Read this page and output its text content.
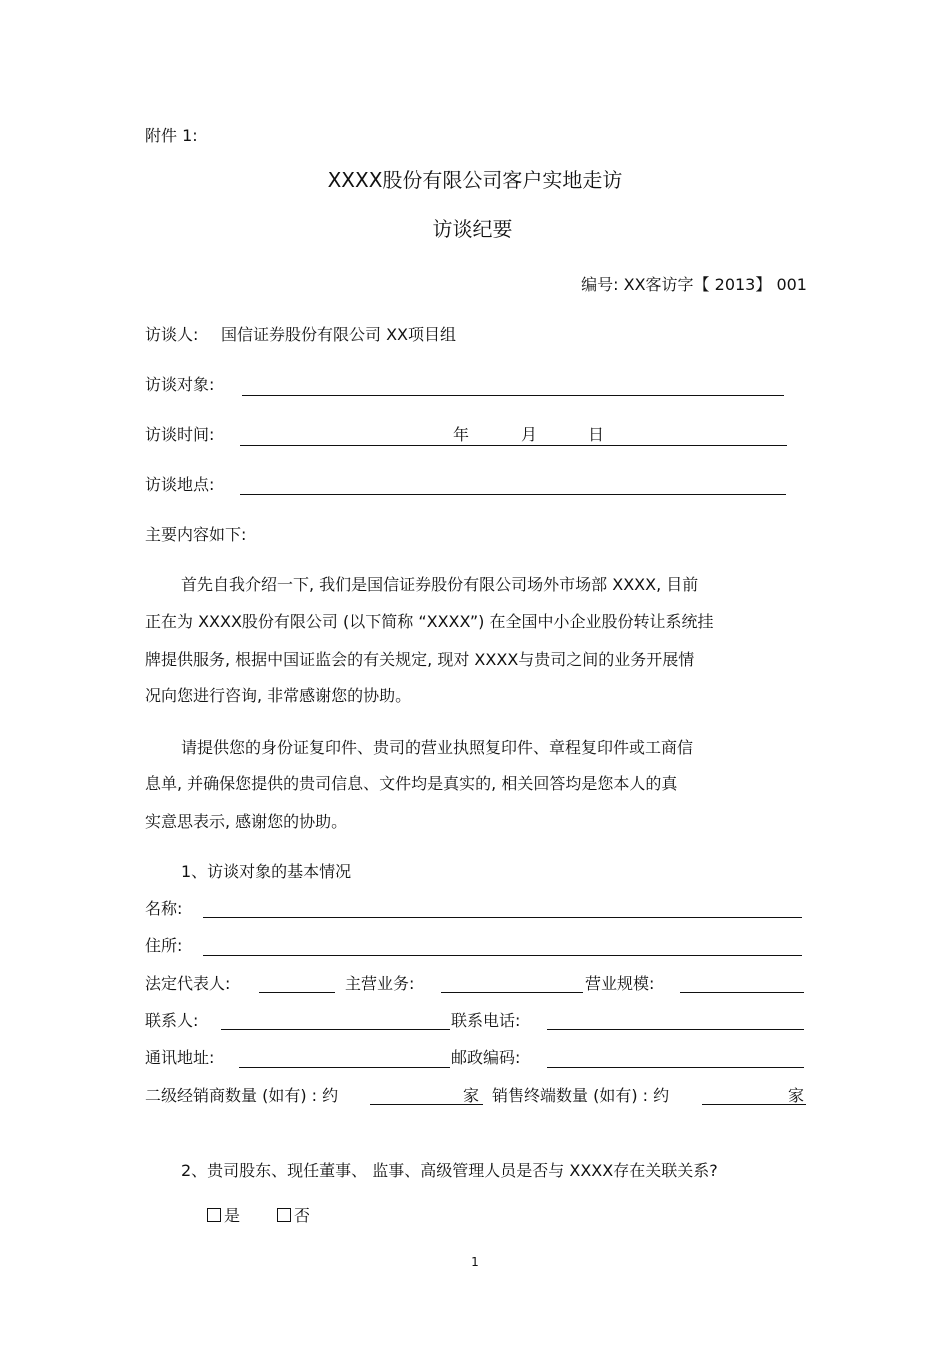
附件 1:
XXXX股份有限公司客户实地走访
访谈纪要
编号: XX客访字【 2013】 001
访谈人: 国信证券股份有限公司 XX项目组
访谈对象:
访谈时间:	年	月	日
访谈地点:
主要内容如下:
首先自我介绍一下, 我们是国信证券股份有限公司场外市场部 XXXX, 目前
正在为 XXXX股份有限公司 (以下简称 “XXXX”) 在全国中小企业股份转让系统挂
牌提供服务, 根据中国证监会的有关规定, 现对 XXXX与贵司之间的业务开展情
况向您进行咨询, 非常感谢您的协助。
请提供您的身份证复印件、贵司的营业执照复印件、章程复印件或工商信
息单, 并确保您提供的贵司信息、文件均是真实的, 相关回答均是您本人的真
实意思表示, 感谢您的协助。
1、访谈对象的基本情况
名称:
住所:
法定代表人:	主营业务:	营业规模:
联系人:	联系电话:
通讯地址:	邮政编码:
二级经销商数量 (如有) : 约	家 销售终端数量 (如有) : 约	家
2、贵司股东、现任董事、 监事、高级管理人员是否与 XXXX存在关联关系?
是	否
1
